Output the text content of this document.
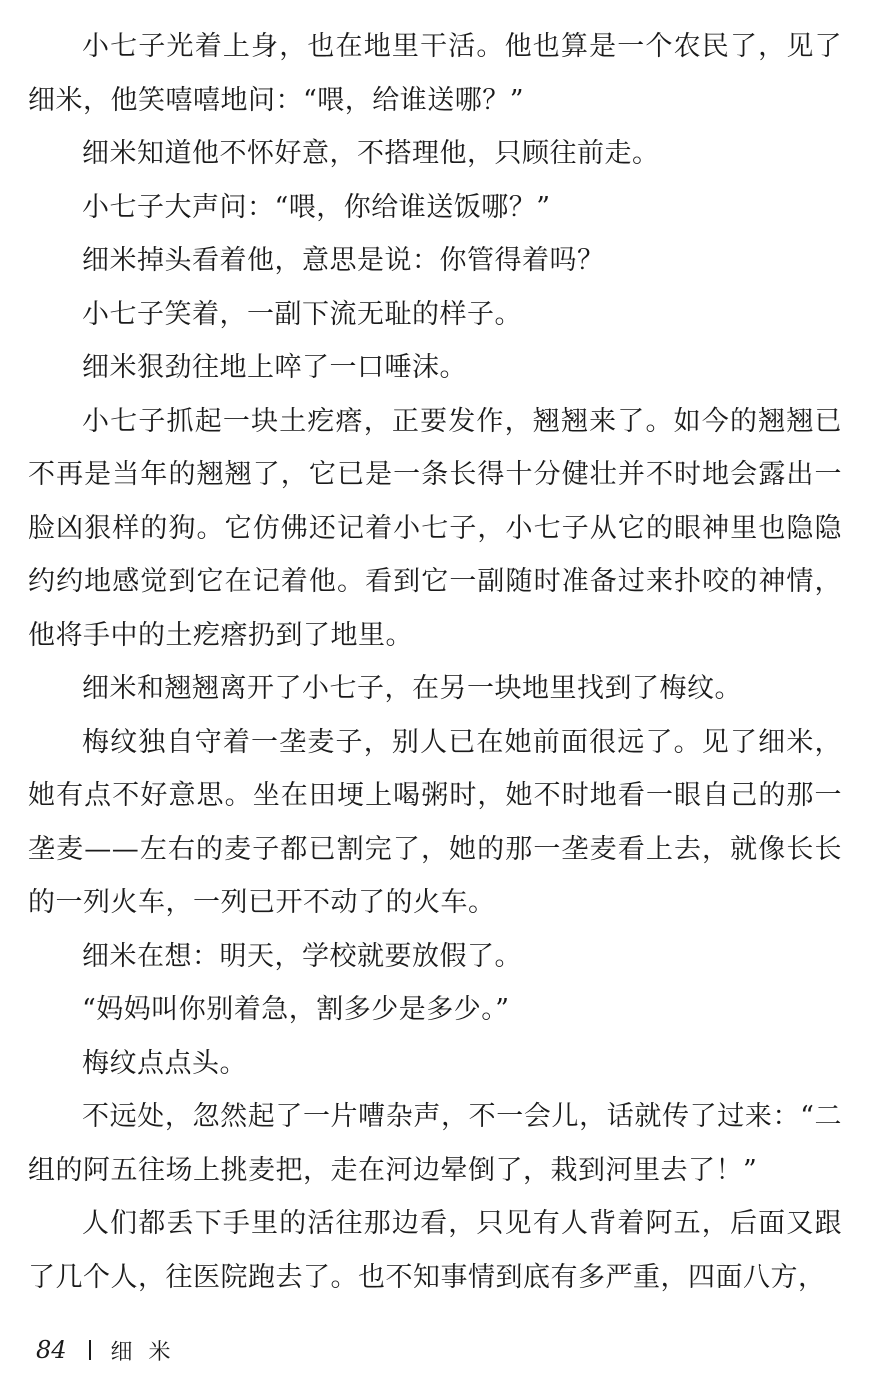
小七子光着上身，也在地里干活。他也算是一个农民了，见了细米，他笑嘻嘻地问：“喂，给谁送哪？”

细米知道他不怀好意，不搭理他，只顾往前走。

小七子大声问：“喂，你给谁送饭哪？”

细米掉头看着他，意思是说：你管得着吗？

小七子笑着，一副下流无耻的样子。

细米狠劲往地上啐了一口唾沫。

小七子抓起一块土疙瘩，正要发作，翘翘来了。如今的翘翘已不再是当年的翘翘了，它已是一条长得十分健壮并不时地会露出一脸凶狠样的狗。它仿佛还记着小七子，小七子从它的眼神里也隐隐约约地感觉到它在记着他。看到它一副随时准备过来扑咬的神情，他将手中的土疙瘩扔到了地里。

细米和翘翘离开了小七子，在另一块地里找到了梅纹。

梅纹独自守着一垄麦子，别人已在她前面很远了。见了细米，她有点不好意思。坐在田埂上喝粥时，她不时地看一眼自己的那一垄麦——左右的麦子都已割完了，她的那一垄麦看上去，就像长长的一列火车，一列已开不动了的火车。

细米在想：明天，学校就要放假了。

“妈妈叫你别着急，割多少是多少。”

梅纹点点头。

不远处，忽然起了一片嘈杂声，不一会儿，话就传了过来：“二组的阿五往场上挑麦把，走在河边晕倒了，栽到河里去了！”

人们都丢下手里的活往那边看，只见有人背着阿五，后面又跟了几个人，往医院跑去了。也不知事情到底有多严重，四面八方，

84 细米
